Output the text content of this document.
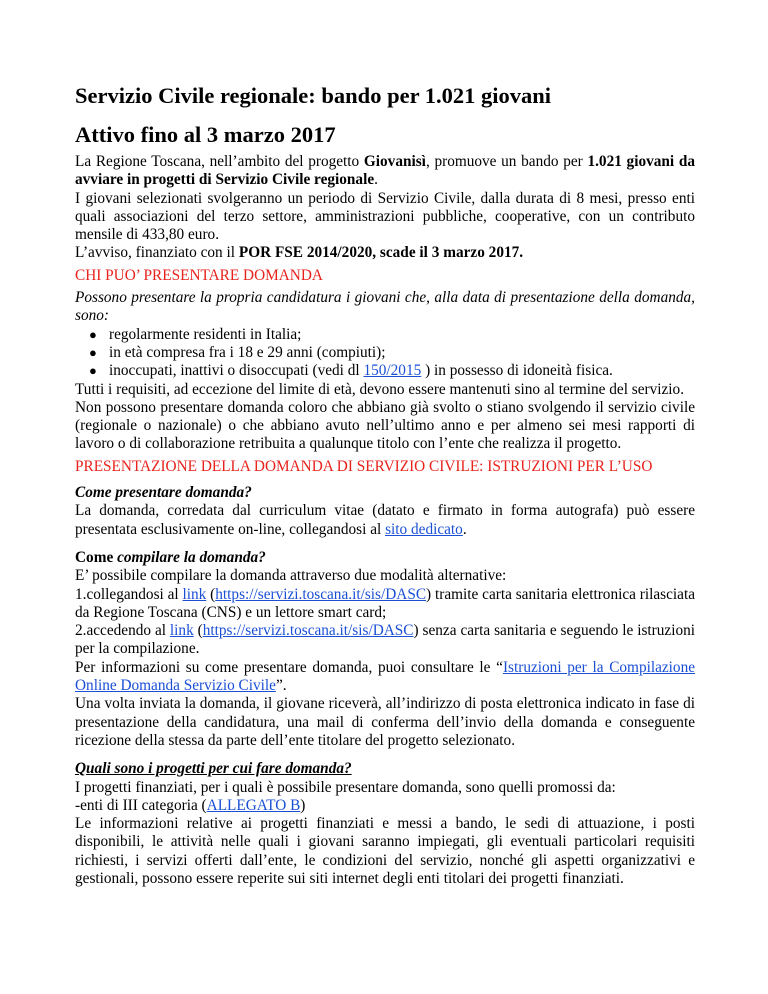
Servizio Civile regionale: bando per 1.021 giovani
Attivo fino al 3 marzo 2017

La Regione Toscana, nell’ambito del progetto Giovanisì, promuove un bando per 1.021 giovani da avviare in progetti di Servizio Civile regionale.

I giovani selezionati svolgeranno un periodo di Servizio Civile, dalla durata di 8 mesi, presso enti quali associazioni del terzo settore, amministrazioni pubbliche, cooperative, con un contributo mensile di 433,80 euro.

L’avviso, finanziato con il POR FSE 2014/2020, scade il 3 marzo 2017.

CHI PUO’ PRESENTARE DOMANDA

Possono presentare la propria candidatura i giovani che, alla data di presentazione della domanda, sono:

● regolarmente residenti in Italia;
● in età compresa fra i 18 e 29 anni (compiuti);
● inoccupati, inattivi o disoccupati (vedi dl 150/2015 ) in possesso di idoneità fisica.

Tutti i requisiti, ad eccezione del limite di età, devono essere mantenuti sino al termine del servizio.

Non possono presentare domanda coloro che abbiano già svolto o stiano svolgendo il servizio civile (regionale o nazionale) o che abbiano avuto nell’ultimo anno e per almeno sei mesi rapporti di lavoro o di collaborazione retribuita a qualunque titolo con l’ente che realizza il progetto.

PRESENTAZIONE DELLA DOMANDA DI SERVIZIO CIVILE: ISTRUZIONI PER L’USO

Come presentare domanda?

La domanda, corredata dal curriculum vitae (datato e firmato in forma autografa) può essere presentata esclusivamente on-line, collegandosi al sito dedicato.

Come compilare la domanda?

E’ possibile compilare la domanda attraverso due modalità alternative:

1.collegandosi al link (https://servizi.toscana.it/sis/DASC) tramite carta sanitaria elettronica rilasciata da Regione Toscana (CNS) e un lettore smart card;

2.accedendo al link (https://servizi.toscana.it/sis/DASC) senza carta sanitaria e seguendo le istruzioni per la compilazione.

Per informazioni su come presentare domanda, puoi consultare le “Istruzioni per la Compilazione Online Domanda Servizio Civile”.

Una volta inviata la domanda, il giovane riceverà, all’indirizzo di posta elettronica indicato in fase di presentazione della candidatura, una mail di conferma dell’invio della domanda e conseguente ricezione della stessa da parte dell’ente titolare del progetto selezionato.

Quali sono i progetti per cui fare domanda?

I progetti finanziati, per i quali è possibile presentare domanda, sono quelli promossi da:

-enti di III categoria (ALLEGATO B)

Le informazioni relative ai progetti finanziati e messi a bando, le sedi di attuazione, i posti disponibili, le attività nelle quali i giovani saranno impiegati, gli eventuali particolari requisiti richiesti, i servizi offerti dall’ente, le condizioni del servizio, nonché gli aspetti organizzativi e gestionali, possono essere reperite sui siti internet degli enti titolari dei progetti finanziati.
